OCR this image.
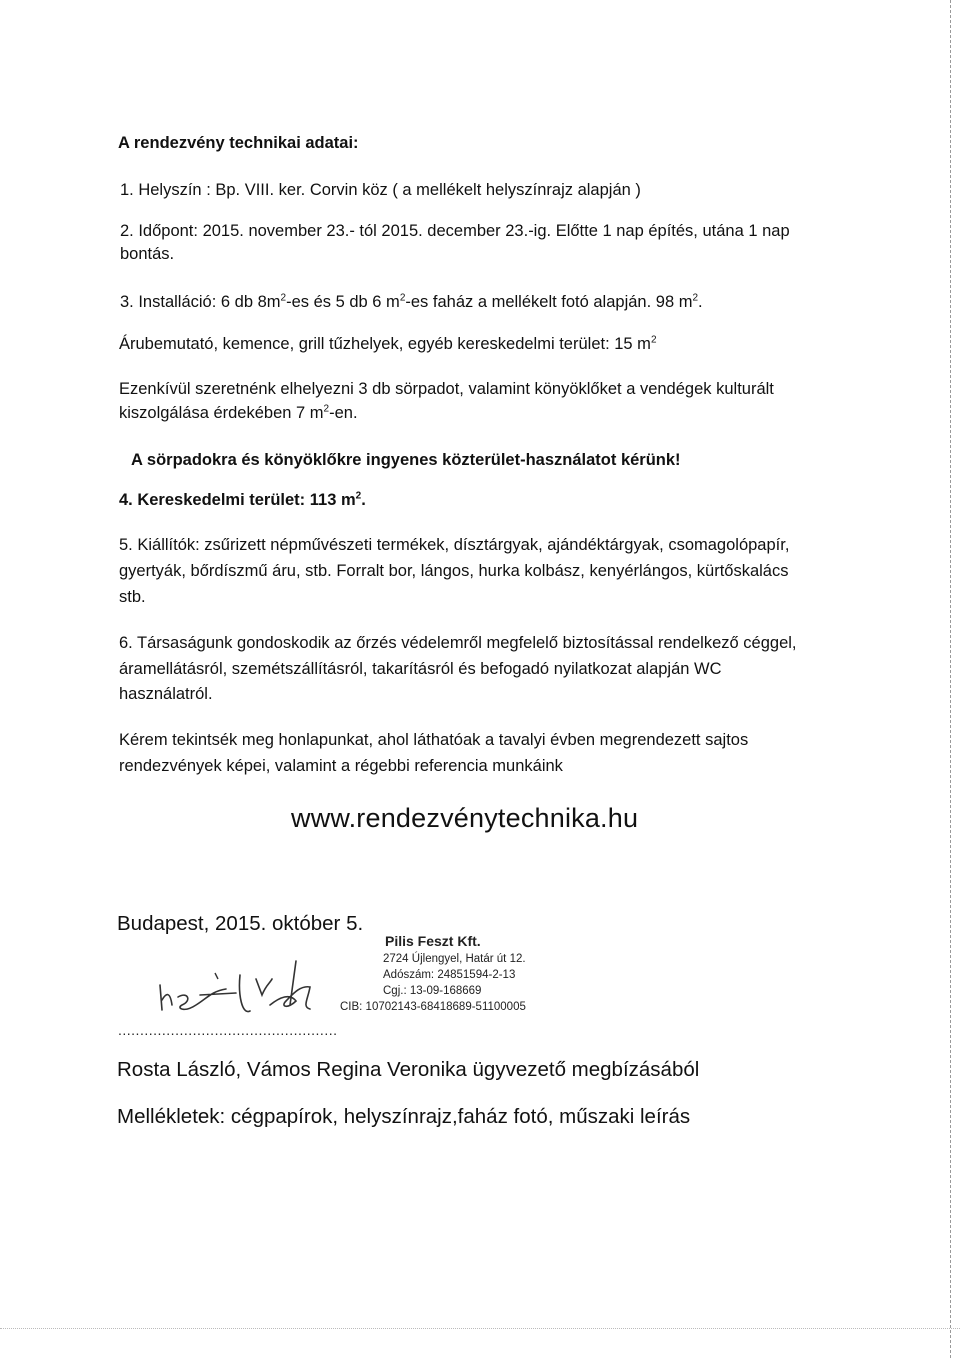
A rendezvény technikai adatai:
1. Helyszín : Bp. VIII. ker. Corvin köz ( a mellékelt helyszínrajz alapján )
2. Időpont: 2015. november 23.- tól 2015. december 23.-ig. Előtte 1 nap építés, utána 1 nap
bontás.
3. Installáció: 6 db $8m^2-es$ és 5 db 6 $m^2-es$ faház a mellékelt fotó alapján. 98 $m^2$.
Árubemutató, kemence, grill tűzhelyek, egyéb kereskedelmi terület: 15 $m^2$
Ezenkívül szeretnénk elhelyezni 3 db sörpadot, valamint könyöklőket a vendégek kulturált
kiszolgálása érdekében 7 $m^2-en$.
A sörpadokra és könyöklőkre ingyenes közterület-használatot kérünk!
4. Kereskedelmi terület: 113 $m^2$.
5. Kiállítók: zsűrizett népművészeti termékek, dísztárgyak, ajándéktárgyak, csomagolópapír,
gyertyák, bőrdíszmű áru, stb. Forralt bor, lángos, hurka kolbász, kenyérlángos, kürtőskalács
stb.
6. Társaságunk gondoskodik az őrzés védelemről megfelelő biztosítással rendelkező céggel,
áramellátásról, szemétszállításról, takarításról és befogadó nyilatkozat alapján WC
használatról.
Kérem tekintsék meg honlapunkat, ahol láthatóak a tavalyi évben megrendezett sajtos
rendezvények képei, valamint a régebbi referencia munkáink
www.rendezvénytechnika.hu
Budapest, 2015. október 5.
Pilis Feszt Kft.
2724 Újlengyel, Határ út 12.
Adószám: 24851594-2-13
Cgj.: 13-09-168669
CIB: 10702143-68418689-51100005
..................................................
Rosta László, Vámos Regina Veronika ügyvezető megbízásából
Mellékletek: cégpapírok, helyszínrajz,faház fotó, műszaki leírás
